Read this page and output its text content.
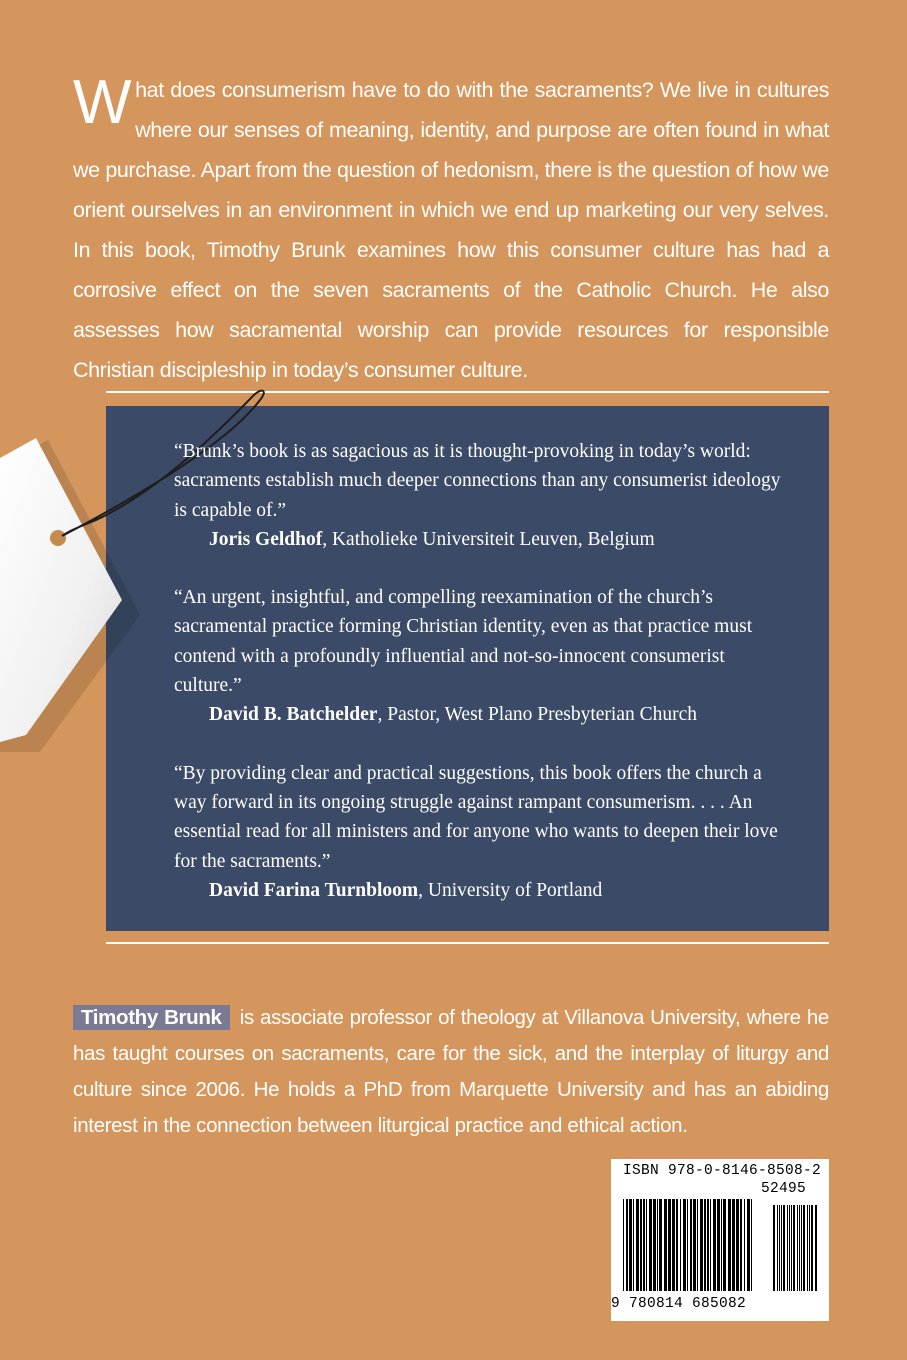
W hat does consumerism have to do with the sacraments? We live in cultures where our senses of meaning, identity, and purpose are often found in what we purchase. Apart from the question of hedonism, there is the question of how we orient ourselves in an environment in which we end up marketing our very selves. In this book, Timothy Brunk examines how this consumer culture has had a corrosive effect on the seven sacraments of the Catholic Church. He also assesses how sacramental worship can provide resources for responsible Christian discipleship in today’s consumer culture.

“Brunk’s book is as sagacious as it is thought-provoking in today’s world: sacraments establish much deeper connections than any consumerist ideology is capable of.”
Joris Geldhof, Katholieke Universiteit Leuven, Belgium
“An urgent, insightful, and compelling reexamination of the church’s sacramental practice forming Christian identity, even as that practice must contend with a profoundly influential and not-so-innocent consumerist culture.”
David B. Batchelder, Pastor, West Plano Presbyterian Church
“By providing clear and practical suggestions, this book offers the church a way forward in its ongoing struggle against rampant consumerism. . . . An essential read for all ministers and for anyone who wants to deepen their love for the sacraments.”
David Farina Turnbloom, University of Portland

Timothy Brunk is associate professor of theology at Villanova University, where he has taught courses on sacraments, care for the sick, and the interplay of liturgy and culture since 2006. He holds a PhD from Marquette University and has an abiding interest in the connection between liturgical practice and ethical action.

ISBN 978-0-8146-8508-2
52495
9 780814 685082
